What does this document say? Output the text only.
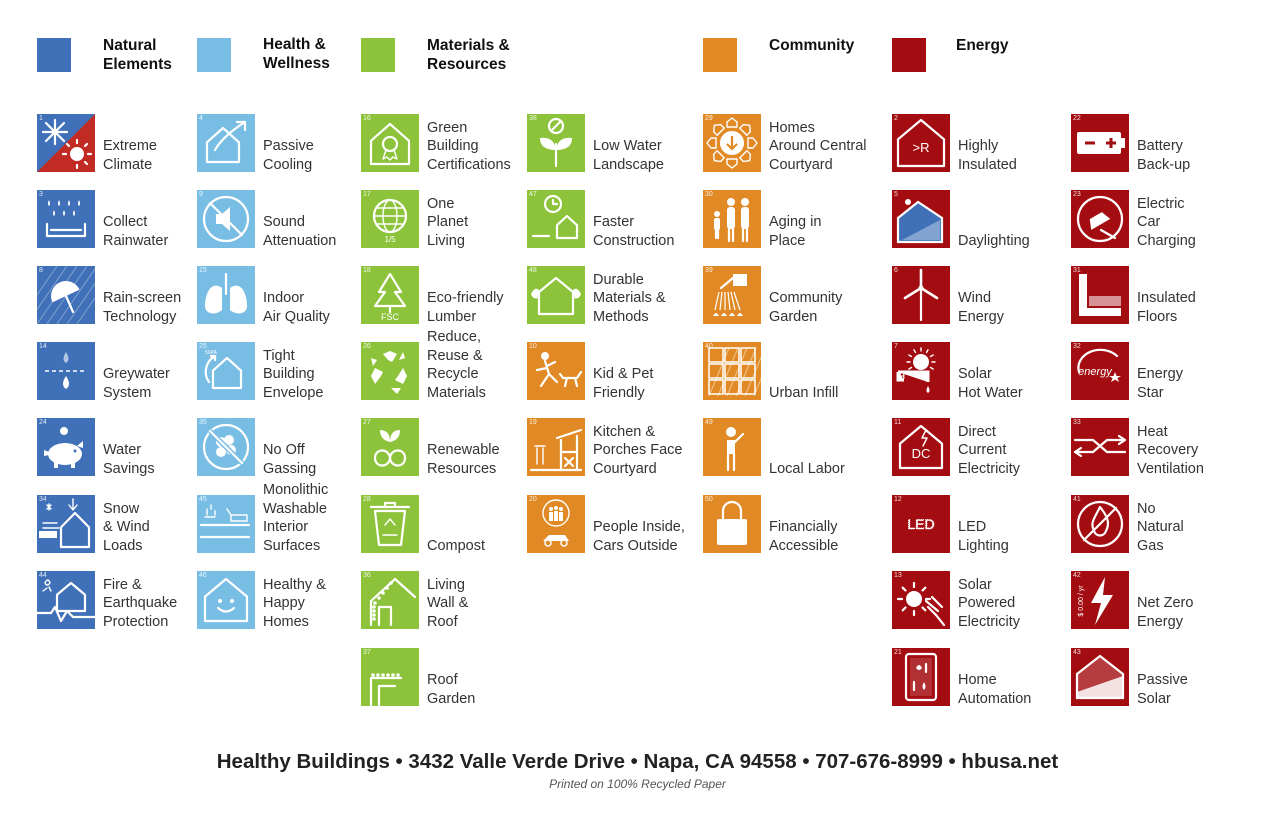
Natural
Elements
Health &
Wellness
Materials &
Resources
Community	Energy
1
Extreme
Climate
3
Collect
Rainwater
8
Rain-screen
Technology
14
Greywater
System
24
Water
Savings
120 MPH
34
Snow
& Wind
Loads
44
Fire &
Earthquake
Protection
4
Passive
Cooling
9
Sound
Attenuation
15
Indoor
Air Quality
50PA
25
Tight
Building
Envelope
35
No Off
Gassing
45
Monolithic
Washable
Interior
Surfaces
46
Healthy &
Happy
Homes
16
Green
Building
Certifications
1/5
17
One
Planet
Living
FSC
18
Eco-friendly
Lumber
26
Reduce,
Reuse &
Recycle
Materials
27
Renewable
Resources
28
Compost
36
Living
Wall &
Roof
37
Roof
Garden
38
Low Water
Landscape
47
Faster
Construction
48
Durable
Materials &
Methods
10
Kid & Pet
Friendly
19
Kitchen &
Porches Face
Courtyard
20
People Inside,
Cars Outside
29
Homes
Around Central
Courtyard
30
Aging in
Place
39
Community
Garden
40
Urban Infill
49
Local Labor
$
50
Financially
Accessible
>R
2
Highly
Insulated
5
Daylighting
6
Wind
Energy
H
7
Solar
Hot Water
DC
11
Direct
Current
Electricity
LED
12
LED
Lighting
13
Solar
Powered
Electricity
21
Home
Automation
22
Battery
Back-up
23
Electric
Car
Charging
31
Insulated
Floors
energy
32
Energy
Star
33
Heat
Recovery
Ventilation
41
No
Natural
Gas
$ 0.00 / yr
42
Net Zero
Energy
43
Passive
Solar
Healthy Buildings • 3432 Valle Verde Drive • Napa, CA 94558 • 707-676-8999 • hbusa.net
Printed on 100% Recycled Paper
